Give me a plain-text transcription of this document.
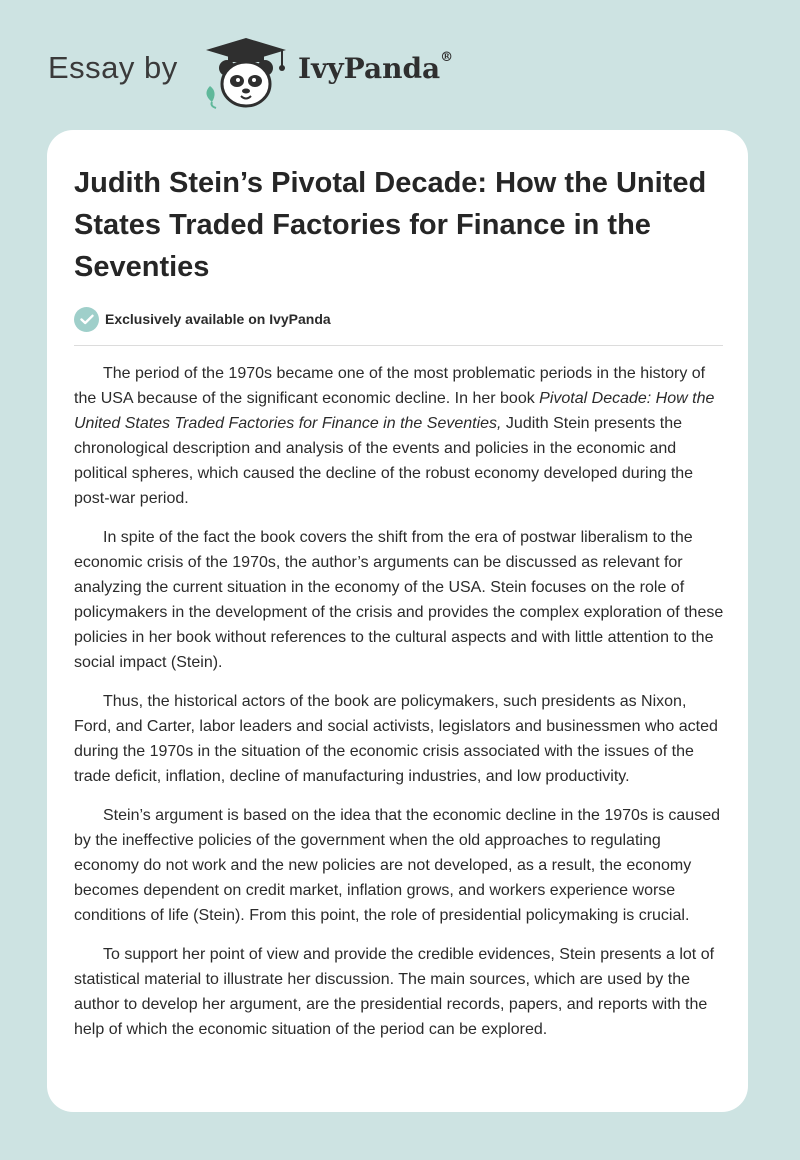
Essay by	IvyPanda®
Judith Stein’s Pivotal Decade: How the United States Traded Factories for Finance in the Seventies
Exclusively available on IvyPanda

The period of the 1970s became one of the most problematic periods in the history of the USA because of the significant economic decline. In her book Pivotal Decade: How the United States Traded Factories for Finance in the Seventies, Judith Stein presents the chronological description and analysis of the events and policies in the economic and political spheres, which caused the decline of the robust economy developed during the post-war period.

In spite of the fact the book covers the shift from the era of postwar liberalism to the economic crisis of the 1970s, the author’s arguments can be discussed as relevant for analyzing the current situation in the economy of the USA. Stein focuses on the role of policymakers in the development of the crisis and provides the complex exploration of these policies in her book without references to the cultural aspects and with little attention to the social impact (Stein).

Thus, the historical actors of the book are policymakers, such presidents as Nixon, Ford, and Carter, labor leaders and social activists, legislators and businessmen who acted during the 1970s in the situation of the economic crisis associated with the issues of the trade deficit, inflation, decline of manufacturing industries, and low productivity.

Stein’s argument is based on the idea that the economic decline in the 1970s is caused by the ineffective policies of the government when the old approaches to regulating economy do not work and the new policies are not developed, as a result, the economy becomes dependent on credit market, inflation grows, and workers experience worse conditions of life (Stein). From this point, the role of presidential policymaking is crucial.

To support her point of view and provide the credible evidences, Stein presents a lot of statistical material to illustrate her discussion. The main sources, which are used by the author to develop her argument, are the presidential records, papers, and reports with the help of which the economic situation of the period can be explored.
